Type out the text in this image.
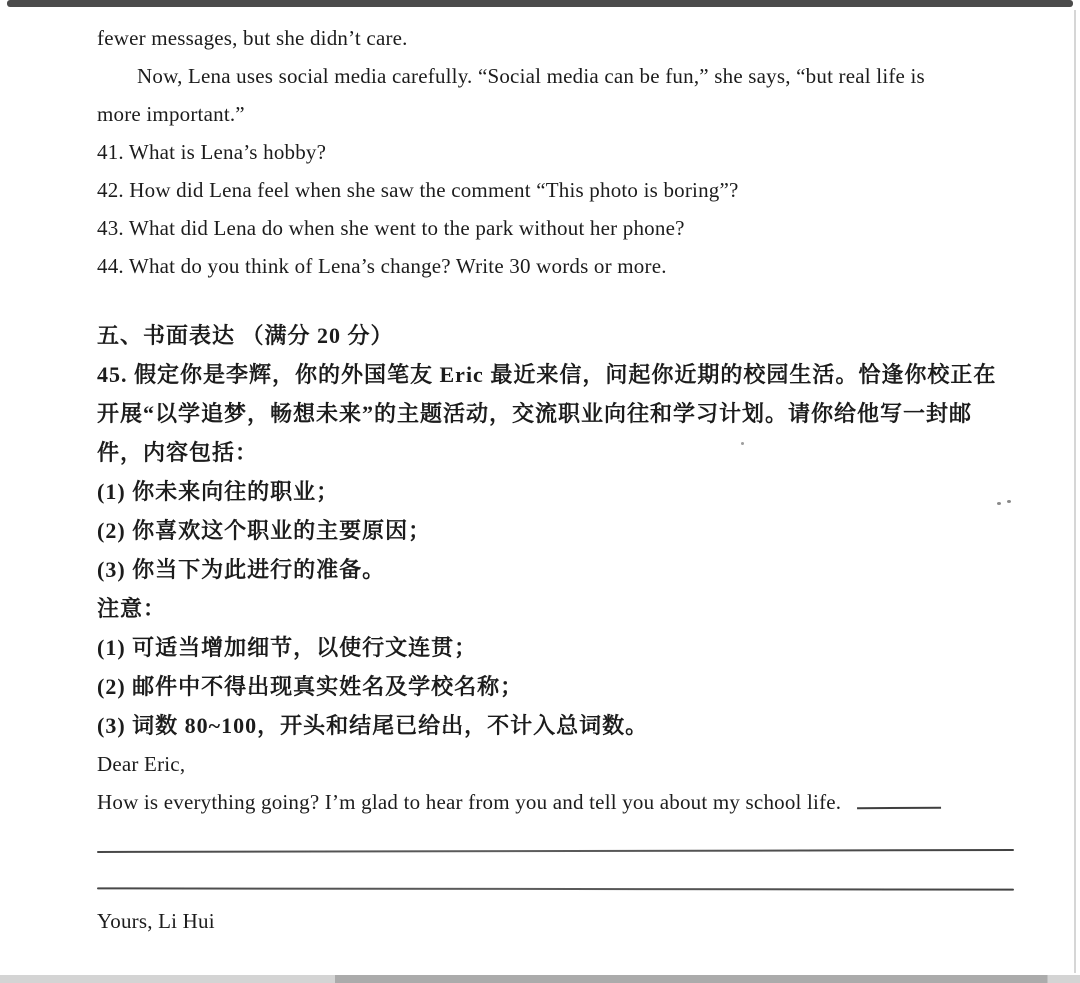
fewer messages, but she didn’t care.

Now, Lena uses social media carefully. “Social media can be fun,” she says, “but real life is

more important.”

41. What is Lena’s hobby?

42. How did Lena feel when she saw the comment “This photo is boring”?

43. What did Lena do when she went to the park without her phone?

44. What do you think of Lena’s change? Write 30 words or more.

五、书面表达 （满分 20 分）

45. 假定你是李辉，你的外国笔友 Eric 最近来信，问起你近期的校园生活。恰逢你校正在

开展“以学追梦，畅想未来”的主题活动，交流职业向往和学习计划。请你给他写一封邮

件，内容包括：

(1) 你未来向往的职业；

(2) 你喜欢这个职业的主要原因；

(3) 你当下为此进行的准备。

注意：

(1) 可适当增加细节，以使行文连贯；

(2) 邮件中不得出现真实姓名及学校名称；

(3) 词数 80~100，开头和结尾已给出，不计入总词数。

Dear Eric,

How is everything going? I’m glad to hear from you and tell you about my school life.

Yours, Li Hui
